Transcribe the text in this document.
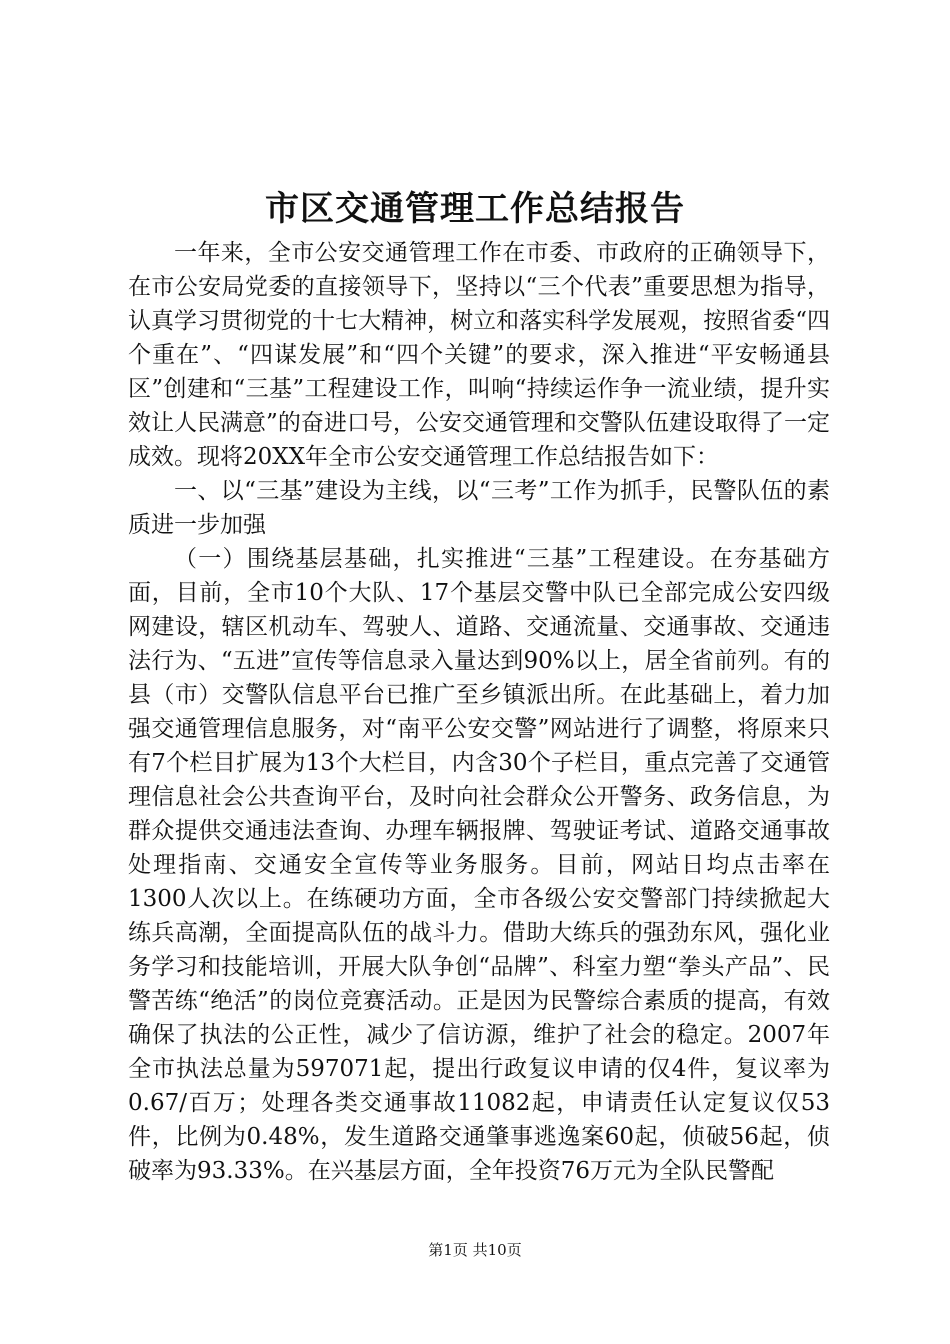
市区交通管理工作总结报告

一年来，全市公安交通管理工作在市委、市政府的正确领导下，在市公安局党委的直接领导下，坚持以“三个代表”重要思想为指导，认真学习贯彻党的十七大精神，树立和落实科学发展观，按照省委“四个重在”、“四谋发展”和“四个关键”的要求，深入推进“平安畅通县区”创建和“三基”工程建设工作，叫响“持续运作争一流业绩，提升实效让人民满意”的奋进口号，公安交通管理和交警队伍建设取得了一定成效。现将20XX年全市公安交通管理工作总结报告如下：

一、以“三基”建设为主线，以“三考”工作为抓手，民警队伍的素质进一步加强

（一）围绕基层基础，扎实推进“三基”工程建设。在夯基础方面，目前，全市10个大队、17个基层交警中队已全部完成公安四级网建设，辖区机动车、驾驶人、道路、交通流量、交通事故、交通违法行为、“五进”宣传等信息录入量达到90%以上，居全省前列。有的县（市）交警队信息平台已推广至乡镇派出所。在此基础上，着力加强交通管理信息服务，对“南平公安交警”网站进行了调整，将原来只有7个栏目扩展为13个大栏目，内含30个子栏目，重点完善了交通管理信息社会公共查询平台，及时向社会群众公开警务、政务信息，为群众提供交通违法查询、办理车辆报牌、驾驶证考试、道路交通事故处理指南、交通安全宣传等业务服务。目前，网站日均点击率在1300人次以上。在练硬功方面，全市各级公安交警部门持续掀起大练兵高潮，全面提高队伍的战斗力。借助大练兵的强劲东风，强化业务学习和技能培训，开展大队争创“品牌”、科室力塑“拳头产品”、民警苦练“绝活”的岗位竞赛活动。正是因为民警综合素质的提高，有效确保了执法的公正性，减少了信访源，维护了社会的稳定。2007年全市执法总量为597071起，提出行政复议申请的仅4件，复议率为0.67/百万；处理各类交通事故11082起，申请责任认定复议仅53件，比例为0.48%，发生道路交通肇事逃逸案60起，侦破56起，侦破率为93.33%。在兴基层方面，全年投资76万元为全队民警配

第1页 共10页
